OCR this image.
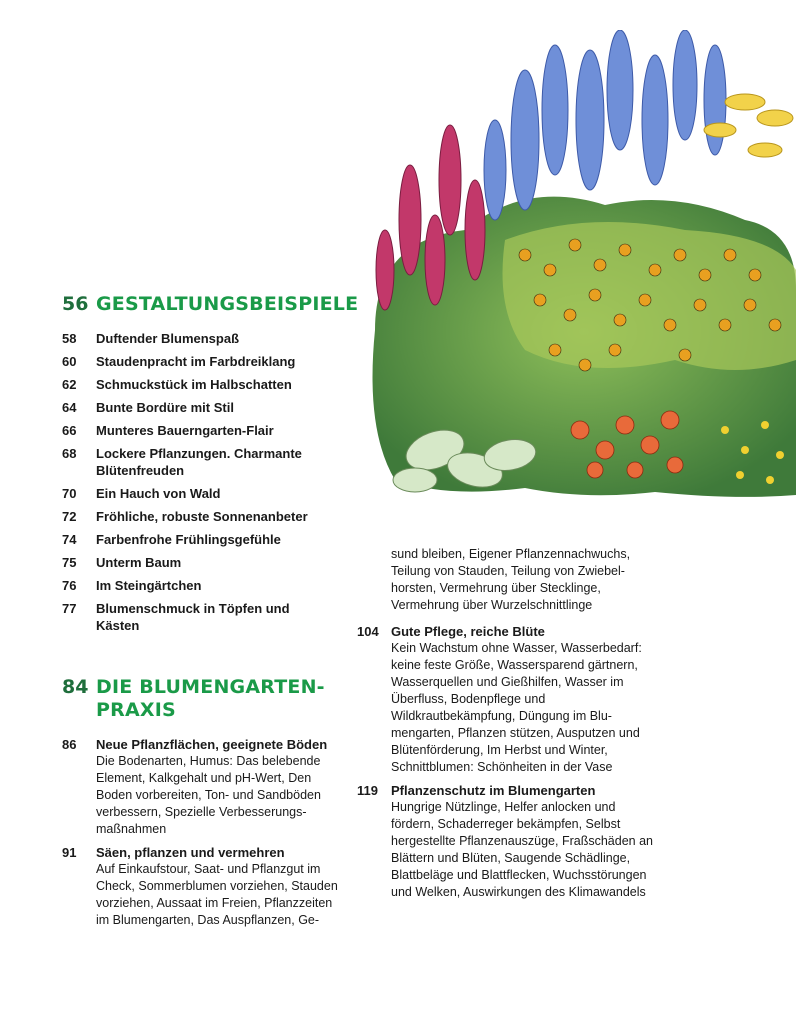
56 GESTALTUNGSBEISPIELE
58	Duftender Blumenspaß
60	Staudenpracht im Farbdreiklang
62	Schmuckstück im Halbschatten
64	Bunte Bordüre mit Stil
66	Munteres Bauerngarten-Flair
68	Lockere Pflanzungen. Charmante Blütenfreuden
70	Ein Hauch von Wald
72	Fröhliche, robuste Sonnenanbeter
74	Farbenfrohe Frühlingsgefühle
75	Unterm Baum
76	Im Steingärtchen
77	Blumenschmuck in Töpfen und Kästen
84 DIE BLUMENGARTEN-
PRAXIS
86	Neue Pflanzflächen, geeignete Böden
Die Bodenarten, Humus: Das belebende Element, Kalkgehalt und pH-Wert, Den Boden vorbereiten, Ton- und Sandböden verbessern, Spezielle Verbesserungsmaßnahmen
91	Säen, pflanzen und vermehren
Auf Einkaufstour, Saat- und Pflanzgut im Check, Sommerblumen vorziehen, Stauden vorziehen, Aussaat im Freien, Pflanzzeiten im Blumengarten, Das Auspflanzen, Ge-
sund bleiben, Eigener Pflanzennachwuchs, Teilung von Stauden, Teilung von Zwiebelhorsten, Vermehrung über Stecklinge, Vermehrung über Wurzelschnittlinge
104 Gute Pflege, reiche Blüte
Kein Wachstum ohne Wasser, Wasserbedarf: keine feste Größe, Wassersparend gärtnern, Wasserquellen und Gießhilfen, Wasser im Überfluss, Bodenpflege und Wildkrautbekämpfung, Düngung im Blumengarten, Pflanzen stützen, Ausputzen und Blütenförderung, Im Herbst und Winter, Schnittblumen: Schönheiten in der Vase
119	Pflanzenschutz im Blumengarten
Hungrige Nützlinge, Helfer anlocken und fördern, Schaderreger bekämpfen, Selbst hergestellte Pflanzenauszüge, Fraßschäden an Blättern und Blüten, Saugende Schädlinge, Blattbeläge und Blattflecken, Wuchsstörungen und Welken, Auswirkungen des Klimawandels
